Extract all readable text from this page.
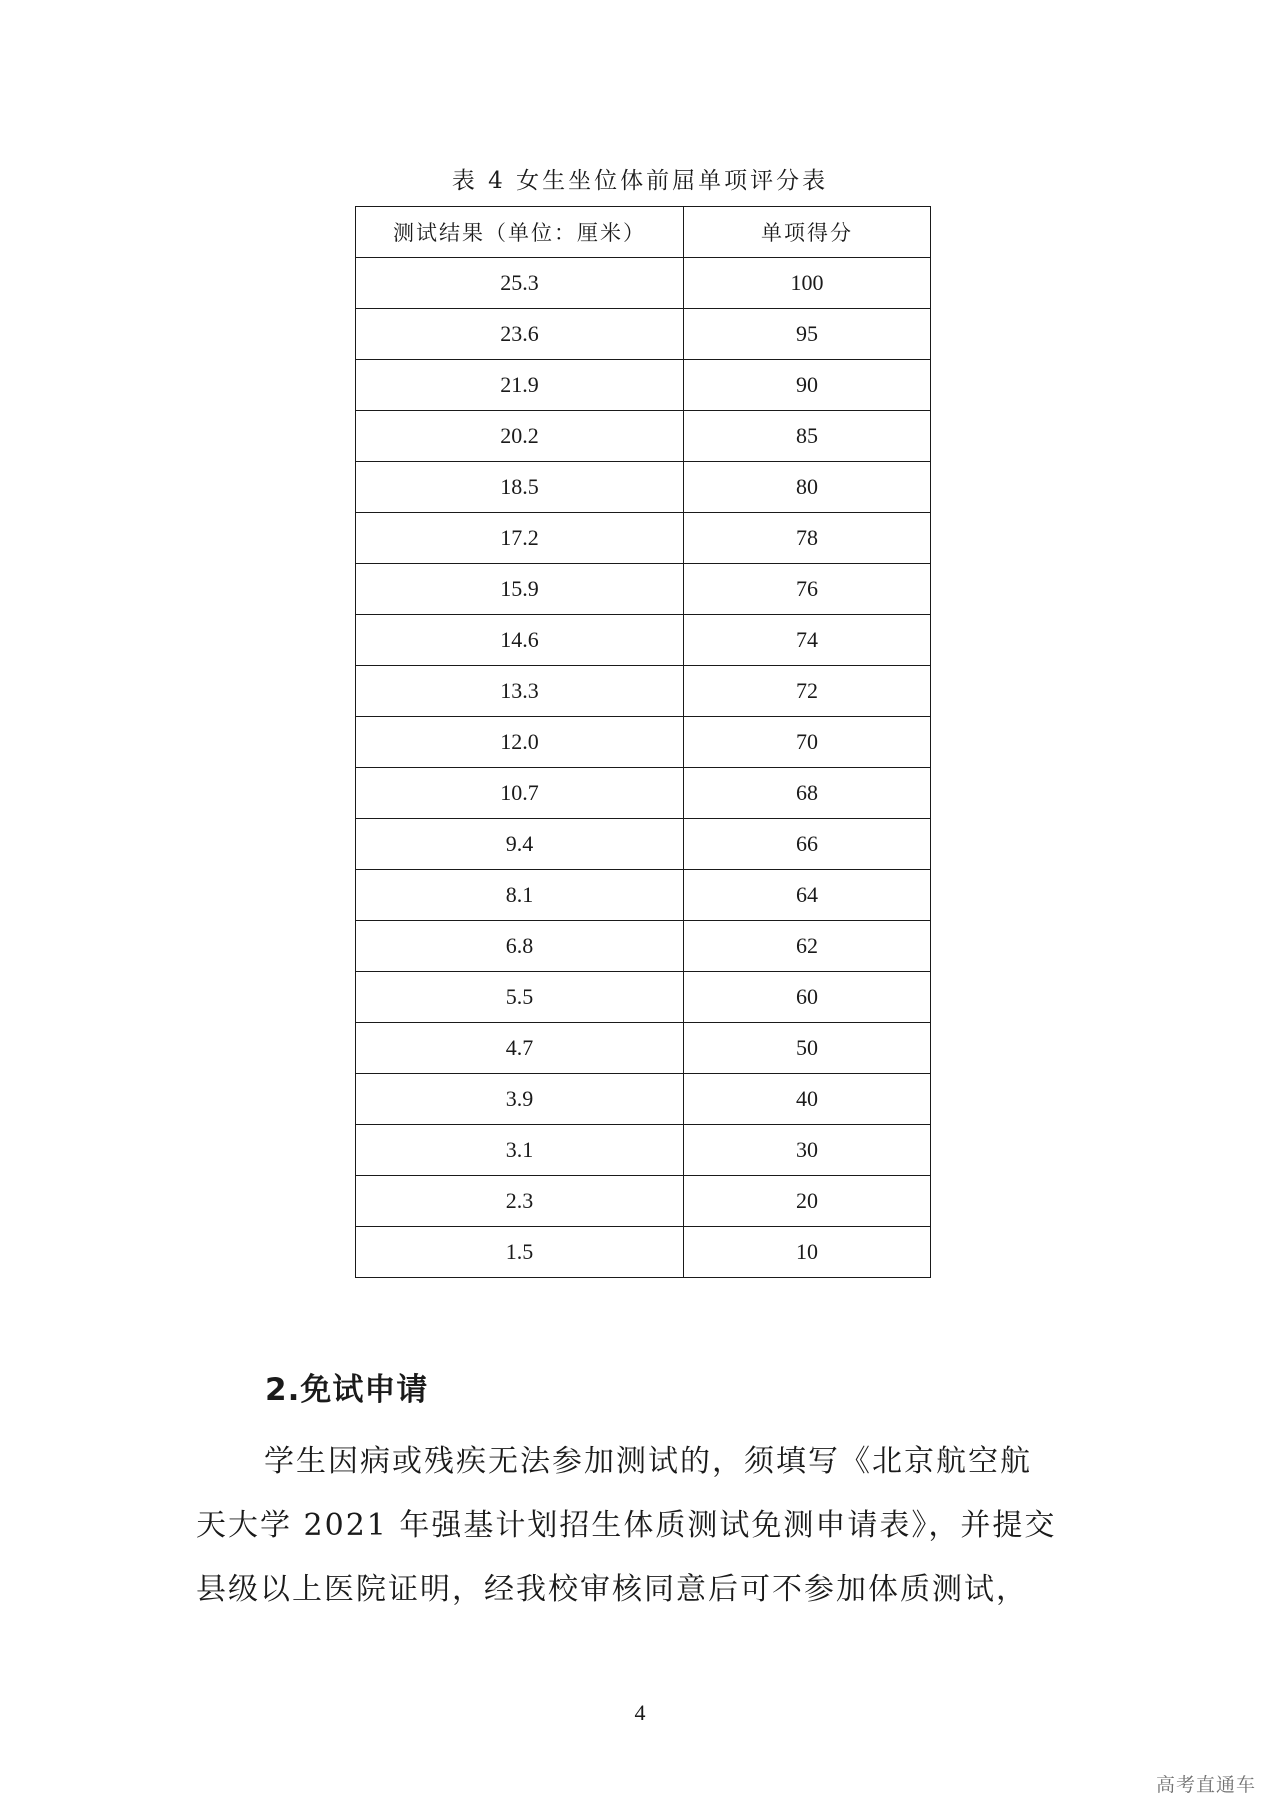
表 4 女生坐位体前屈单项评分表
测试结果（单位：厘米）	单项得分
25.3	100
23.6	95
21.9	90
20.2	85
18.5	80
17.2	78
15.9	76
14.6	74
13.3	72
12.0	70
10.7	68
9.4	66
8.1	64
6.8	62
5.5	60
4.7	50
3.9	40
3.1	30
2.3	20
1.5	10
2.免试申请
学生因病或残疾无法参加测试的，须填写《北京航空航
天大学 2021 年强基计划招生体质测试免测申请表》，并提交
县级以上医院证明，经我校审核同意后可不参加体质测试，
4
高考直通车
